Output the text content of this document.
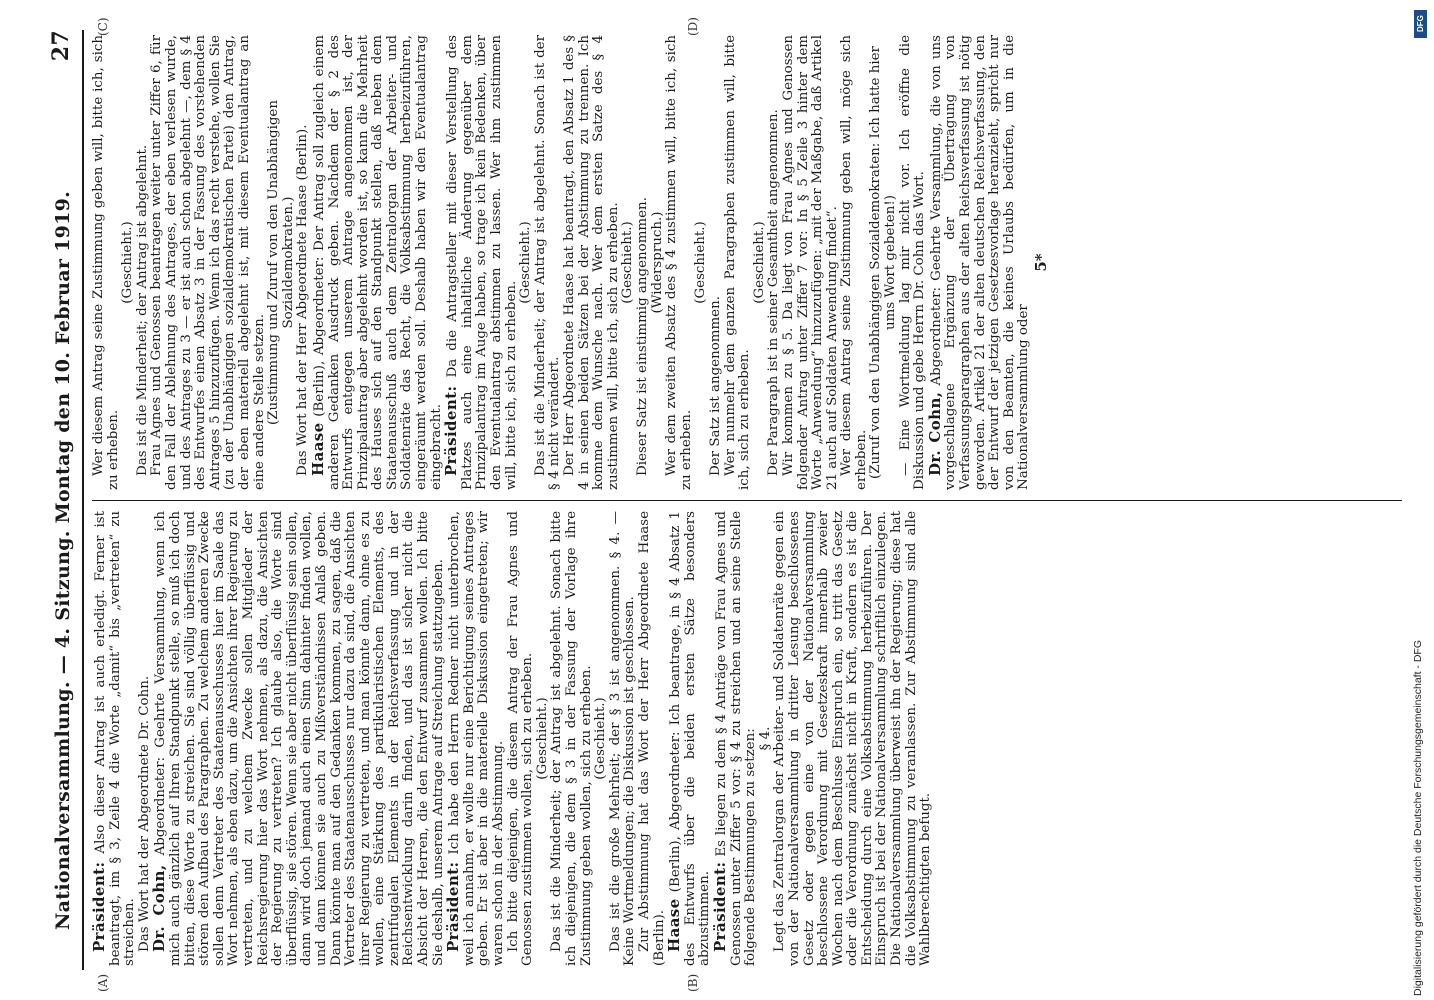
Nationalversammlung. — 4. Sitzung. Montag den 10. Februar 1919.
27
(A)	(B)
(C)	(D)

Präsident: Also dieser Antrag ist auch erledigt. Ferner ist beantragt, im § 3, Zeile 4 die Worte „damit“ bis „vertreten“ zu streichen. Das Wort hat der Abgeordnete Dr. Cohn.

Dr. Cohn, Abgeordneter: Geehrte Versammlung, wenn ich mich auch gänzlich auf Ihren Standpunkt stelle, so muß ich doch bitten, diese Worte zu streichen. Sie sind völlig überflüssig und stören den Aufbau des Paragraphen. Zu welchem anderen Zwecke sollen denn Vertreter des Staatenausschusses hier im Saale das Wort nehmen, als eben dazu, um die Ansichten ihrer Regierung zu vertreten, und zu welchem Zwecke sollen Mitglieder der Reichsregierung hier das Wort nehmen, als dazu, die Ansichten der Regierung zu vertreten? Ich glaube also, die Worte sind überflüssig, sie stören. Wenn sie aber nicht überflüssig sein sollen, dann wird doch jemand auch einen Sinn dahinter finden wollen, und dann können sie auch zu Mißverständnissen Anlaß geben. Dann könnte man auf den Gedanken kommen, zu sagen, daß die Vertreter des Staatenausschusses nur dazu da sind, die Ansichten ihrer Regierung zu vertreten, und man könnte dann, ohne es zu wollen, eine Stärkung des partikularistischen Elements, des zentrifugalen Elements in der Reichsverfassung und in der Reichsentwicklung darin finden, und das ist sicher nicht die Absicht der Herren, die den Entwurf zusammen wollen. Ich bitte Sie deshalb, unserem Antrage auf Streichung stattzugeben.

Präsident: Ich habe den Herrn Redner nicht unterbrochen, weil ich annahm, er wollte nur eine Berichtigung seines Antrages geben. Er ist aber in die materielle Diskussion eingetreten; wir waren schon in der Abstimmung. Ich bitte diejenigen, die diesem Antrag der Frau Agnes und Genossen zustimmen wollen, sich zu erheben. (Geschieht.) Das ist die Minderheit; der Antrag ist abgelehnt. Sonach bitte ich diejenigen, die dem § 3 in der Fassung der Vorlage ihre Zustimmung geben wollen, sich zu erheben. (Geschieht.) Das ist die große Mehrheit; der § 3 ist angenommen. § 4. — Keine Wortmeldungen; die Diskussion ist geschlossen. Zur Abstimmung hat das Wort der Herr Abgeordnete Haase (Berlin).

Haase (Berlin), Abgeordneter: Ich beantrage, in § 4 Absatz 1 des Entwurfs über die beiden ersten Sätze besonders abzustimmen.

Präsident: Es liegen zu dem § 4 Anträge von Frau Agnes und Genossen unter Ziffer 5 vor: § 4 zu streichen und an seine Stelle folgende Bestimmungen zu setzen: § 4. Legt das Zentralorgan der Arbeiter- und Soldatenräte gegen ein von der Nationalversammlung in dritter Lesung beschlossenes Gesetz oder gegen eine von der Nationalversammlung beschlossene Verordnung mit Gesetzeskraft innerhalb zweier Wochen nach dem Beschlusse Einspruch ein, so tritt das Gesetz oder die Verordnung zunächst nicht in Kraft, sondern es ist die Entscheidung durch eine Volksabstimmung herbeizuführen. Der Einspruch ist bei der Nationalversammlung schriftlich einzulegen. Die Nationalversammlung überweist ihn der Regierung; diese hat die Volksabstimmung zu veranlassen. Zur Abstimmung sind alle Wahlberechtigten befugt.

Wer diesem Antrag seine Zustimmung geben will, bitte ich, sich zu erheben.

(Geschieht.) Das ist die Minderheit; der Antrag ist abgelehnt. Frau Agnes und Genossen beantragen weiter unter Ziffer 6, für den Fall der Ablehnung des Antrages, der eben verlesen wurde, und des Antrages zu 3 — er ist auch schon abgelehnt —, dem § 4 des Entwurfes einen Absatz 3 in der Fassung des vorstehenden Antrages 5 hinzuzufügen. Wenn ich das recht verstehe, wollen Sie (zu der Unabhängigen sozialdemokratischen Partei) den Antrag, der eben materiell abgelehnt ist, mit diesem Eventualantrag an eine andere Stelle setzen. (Zustimmung und Zuruf von den Unabhängigen Sozialdemokraten.) Das Wort hat der Herr Abgeordnete Haase (Berlin).

Haase (Berlin), Abgeordneter: Der Antrag soll zugleich einem anderen Gedanken Ausdruck geben. Nachdem der § 2 des Entwurfs entgegen unserem Antrage angenommen ist, der Prinzipalantrag aber abgelehnt worden ist, so kann die Mehrheit des Hauses sich auf den Standpunkt stellen, daß neben dem Staatenausschuß auch dem Zentralorgan der Arbeiter- und Soldatenräte das Recht, die Volksabstimmung herbeizuführen, eingeräumt werden soll. Deshalb haben wir den Eventualantrag eingebracht.

Präsident: Da die Antragsteller mit dieser Verstellung des Platzes auch eine inhaltliche Änderung gegenüber dem Prinzipalantrag im Auge haben, so trage ich kein Bedenken, über den Eventualantrag abstimmen zu lassen. Wer ihm zustimmen will, bitte ich, sich zu erheben.

(Geschieht.) Das ist die Minderheit; der Antrag ist abgelehnt. Sonach ist der § 4 nicht verändert. Der Herr Abgeordnete Haase hat beantragt, den Absatz 1 des § 4 in seinen beiden Sätzen bei der Abstimmung zu trennen. Ich komme dem Wunsche nach. Wer dem ersten Satze des § 4 zustimmen will, bitte ich, sich zu erheben. (Geschieht.) Dieser Satz ist einstimmig angenommen. (Widerspruch.) Wer dem zweiten Absatz des § 4 zustimmen will, bitte ich, sich zu erheben.

(Geschieht.)

Der Satz ist angenommen. Wer nunmehr dem ganzen Paragraphen zustimmen will, bitte ich, sich zu erheben.

(Geschieht.) Der Paragraph ist in seiner Gesamtheit angenommen. Wir kommen zu § 5. Da liegt von Frau Agnes und Genossen folgender Antrag unter Ziffer 7 vor: In § 5 Zeile 3 hinter dem Worte „Anwendung“ hinzuzufügen: „mit der Maßgabe, daß Artikel 21 auch auf Soldaten Anwendung findet“. Wer diesem Antrag seine Zustimmung geben will, möge sich erheben. (Zuruf von den Unabhängigen Sozialdemokraten: Ich hatte hier ums Wort gebeten!) — Eine Wortmeldung lag mir nicht vor. Ich eröffne die Diskussion und gebe Herrn Dr. Cohn das Wort.

Dr. Cohn, Abgeordneter: Geehrte Versammlung, die von uns vorgeschlagene Ergänzung der Übertragung von Verfassungsparagraphen aus der alten Reichsverfassung ist nötig geworden. Artikel 21 der alten deutschen Reichsverfassung, den der Entwurf der jetzigen Gesetzesvorlage heranzieht, spricht nur von den Beamten, die keines Urlaubs bedürfen, um in die Nationalversammlung oder

5*
DFG
Digitalisierung gefördert durch die Deutsche Forschungsgemeinschaft - DFG
